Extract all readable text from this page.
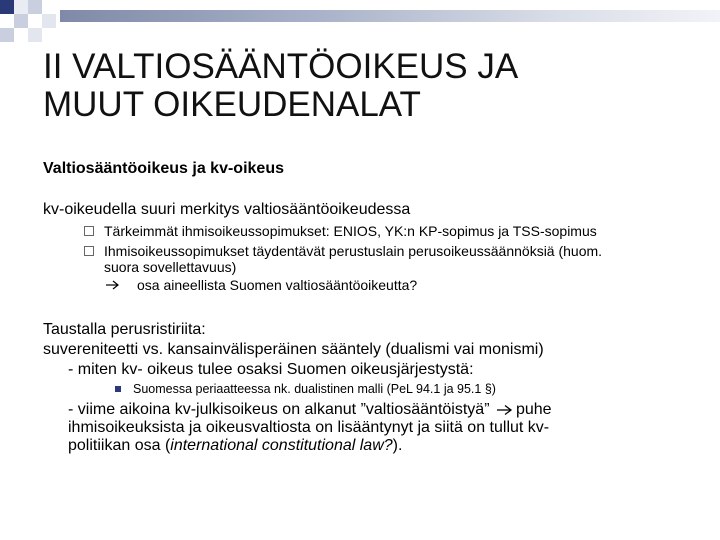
II VALTIOSÄÄNTÖOIKEUS JA
MUUT OIKEUDENALAT
Valtiosääntöoikeus ja kv-oikeus
kv-oikeudella suuri merkitys valtiosääntöoikeudessa
Tärkeimmät ihmisoikeussopimukset: ENIOS, YK:n KP-sopimus ja TSS-sopimus
Ihmisoikeussopimukset täydentävät perustuslain perusoikeussäännöksiä (huom.
suora sovellettavuus)
osa aineellista Suomen valtiosääntöoikeutta?
Taustalla perusristiriita:
suvereniteetti vs. kansainvälisperäinen sääntely (dualismi vai monismi)
- miten kv- oikeus tulee osaksi Suomen oikeusjärjestystä:
Suomessa periaatteessa nk. dualistinen malli (PeL 94.1 ja 95.1 §)
- viime aikoina kv-julkisoikeus on alkanut ”valtiosääntöistyä” puhe
ihmisoikeuksista ja oikeusvaltiosta on lisääntynyt ja siitä on tullut kv-
politiikan osa (international constitutional law?).
